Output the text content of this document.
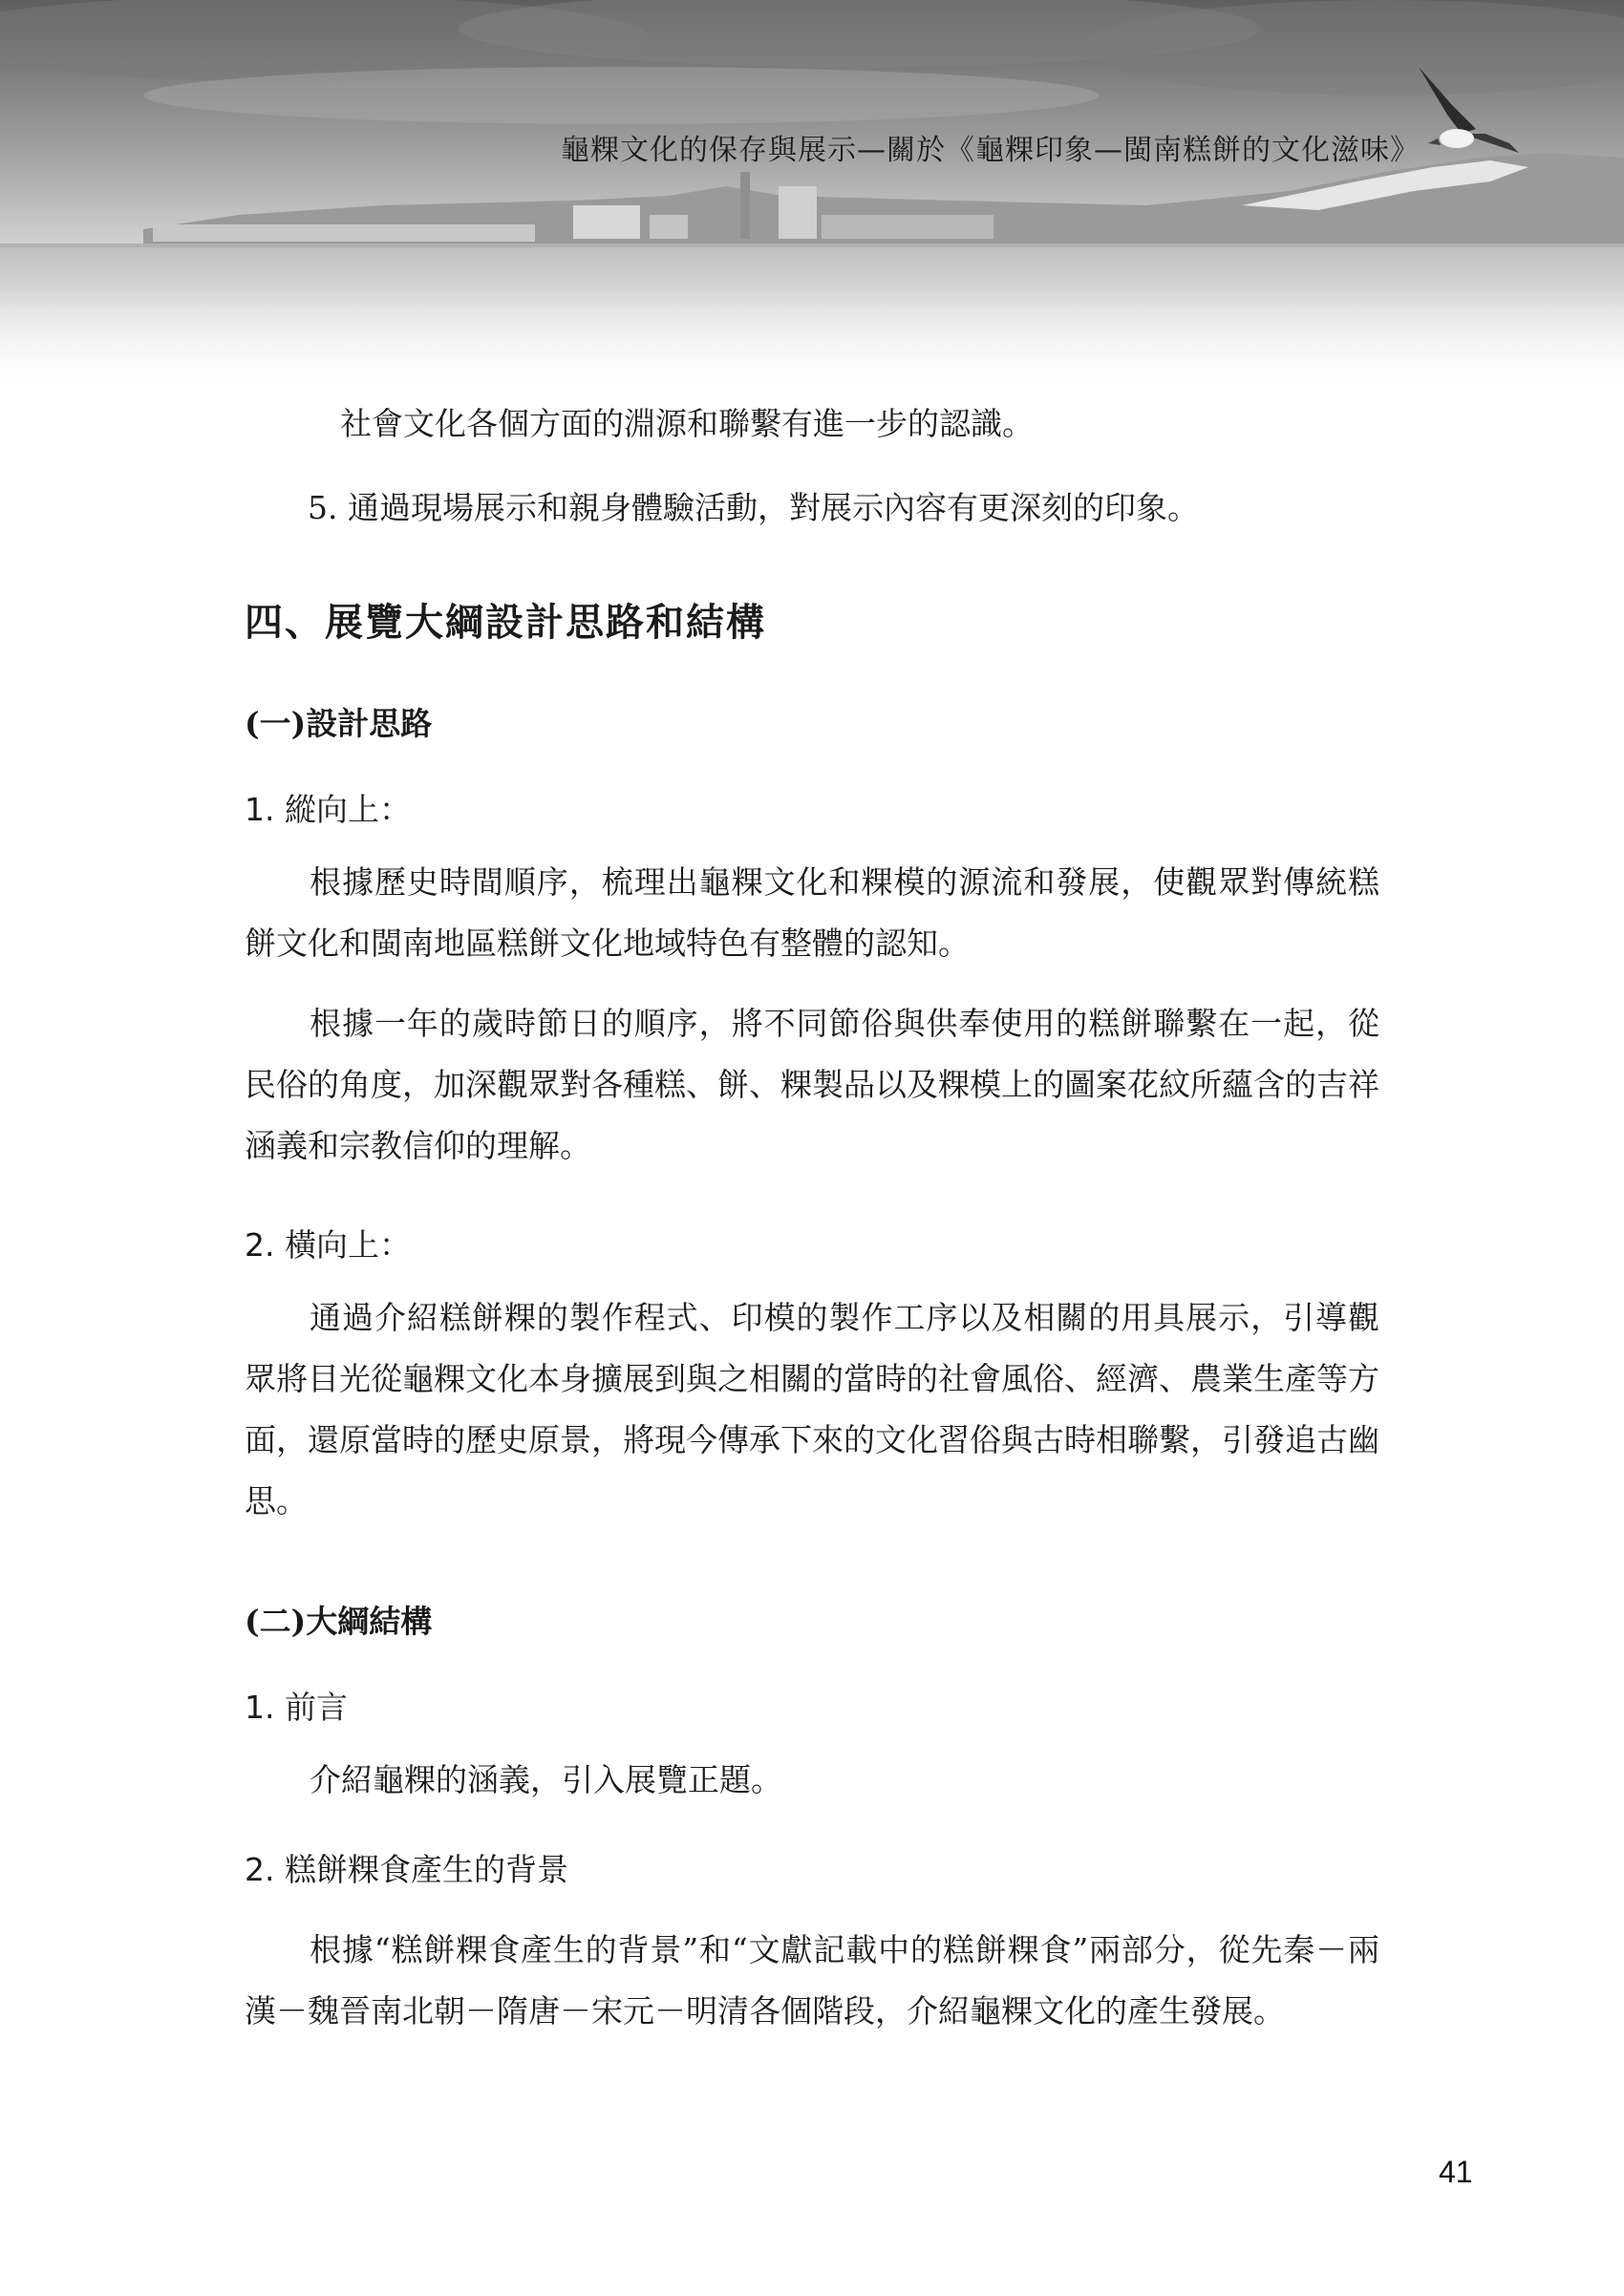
龜粿文化的保存與展示—關於《龜粿印象—閩南糕餅的文化滋味》
社會文化各個方面的淵源和聯繫有進一步的認識。
5. 通過現場展示和親身體驗活動，對展示內容有更深刻的印象。
四、展覽大綱設計思路和結構
(一)設計思路
1. 縱向上：
根據歷史時間順序，梳理出龜粿文化和粿模的源流和發展，使觀眾對傳統糕餅文化和閩南地區糕餅文化地域特色有整體的認知。
根據一年的歲時節日的順序，將不同節俗與供奉使用的糕餅聯繫在一起，從民俗的角度，加深觀眾對各種糕、餅、粿製品以及粿模上的圖案花紋所蘊含的吉祥涵義和宗教信仰的理解。
2. 橫向上：
通過介紹糕餅粿的製作程式、印模的製作工序以及相關的用具展示，引導觀眾將目光從龜粿文化本身擴展到與之相關的當時的社會風俗、經濟、農業生產等方面，還原當時的歷史原景，將現今傳承下來的文化習俗與古時相聯繫，引發追古幽思。
(二)大綱結構
1. 前言
介紹龜粿的涵義，引入展覽正題。
2. 糕餅粿食產生的背景
根據“糕餅粿食產生的背景”和“文獻記載中的糕餅粿食”兩部分，從先秦－兩漢－魏晉南北朝－隋唐－宋元－明清各個階段，介紹龜粿文化的產生發展。
41
